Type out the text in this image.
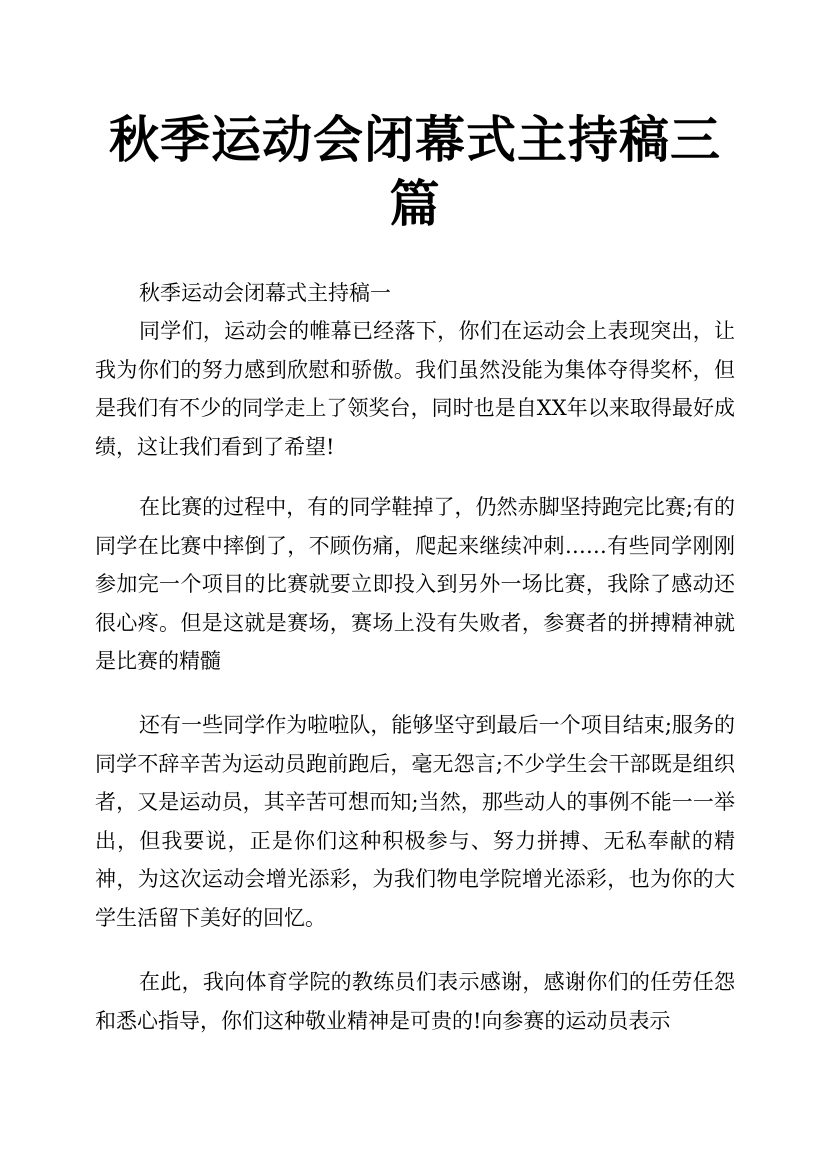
秋季运动会闭幕式主持稿三篇

秋季运动会闭幕式主持稿一

同学们，运动会的帷幕已经落下，你们在运动会上表现突出，让我为你们的努力感到欣慰和骄傲。我们虽然没能为集体夺得奖杯，但是我们有不少的同学走上了领奖台，同时也是自XX年以来取得最好成绩，这让我们看到了希望!

在比赛的过程中，有的同学鞋掉了，仍然赤脚坚持跑完比赛;有的同学在比赛中摔倒了，不顾伤痛，爬起来继续冲刺……有些同学刚刚参加完一个项目的比赛就要立即投入到另外一场比赛，我除了感动还很心疼。但是这就是赛场，赛场上没有失败者，参赛者的拼搏精神就是比赛的精髓

还有一些同学作为啦啦队，能够坚守到最后一个项目结束;服务的同学不辞辛苦为运动员跑前跑后，毫无怨言;不少学生会干部既是组织者，又是运动员，其辛苦可想而知;当然，那些动人的事例不能一一举出，但我要说，正是你们这种积极参与、努力拼搏、无私奉献的精神，为这次运动会增光添彩，为我们物电学院增光添彩，也为你的大学生活留下美好的回忆。

在此，我向体育学院的教练员们表示感谢，感谢你们的任劳任怨和悉心指导，你们这种敬业精神是可贵的!向参赛的运动员表示
